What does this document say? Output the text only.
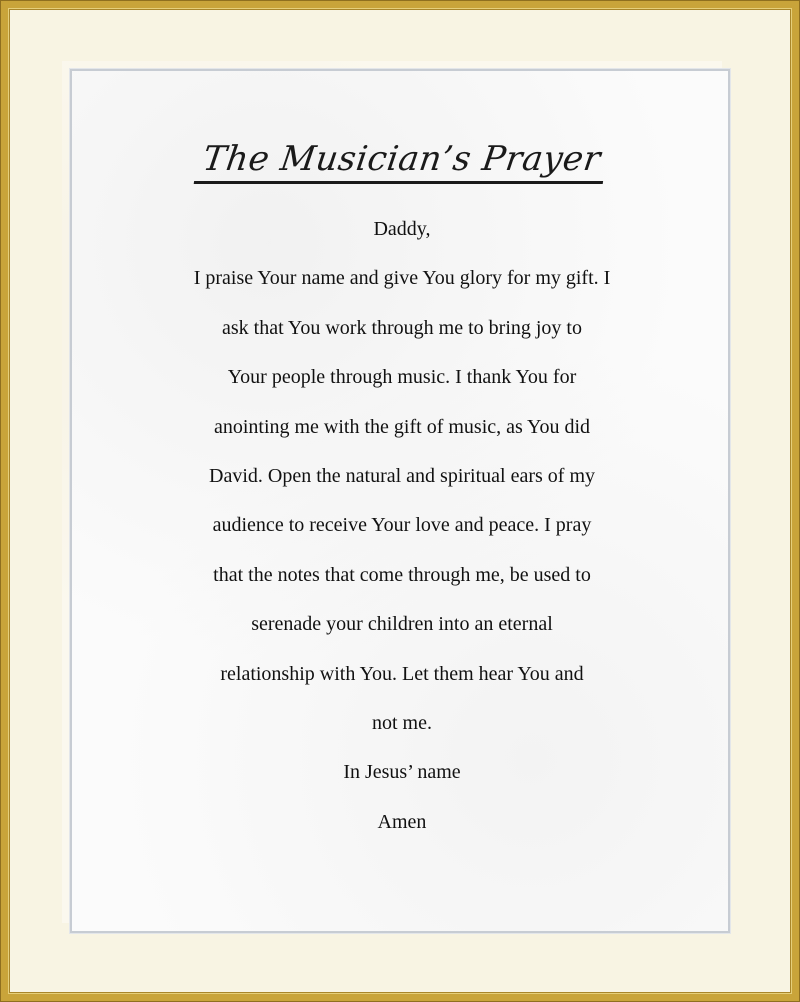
The Musician’s Prayer
Daddy,
I praise Your name and give You glory for my gift. I
ask that You work through me to bring joy to
Your people through music. I thank You for
anointing me with the gift of music, as You did
David. Open the natural and spiritual ears of my
audience to receive Your love and peace. I pray
that the notes that come through me, be used to
serenade your children into an eternal
relationship with You. Let them hear You and
not me.
In Jesus’ name
Amen
